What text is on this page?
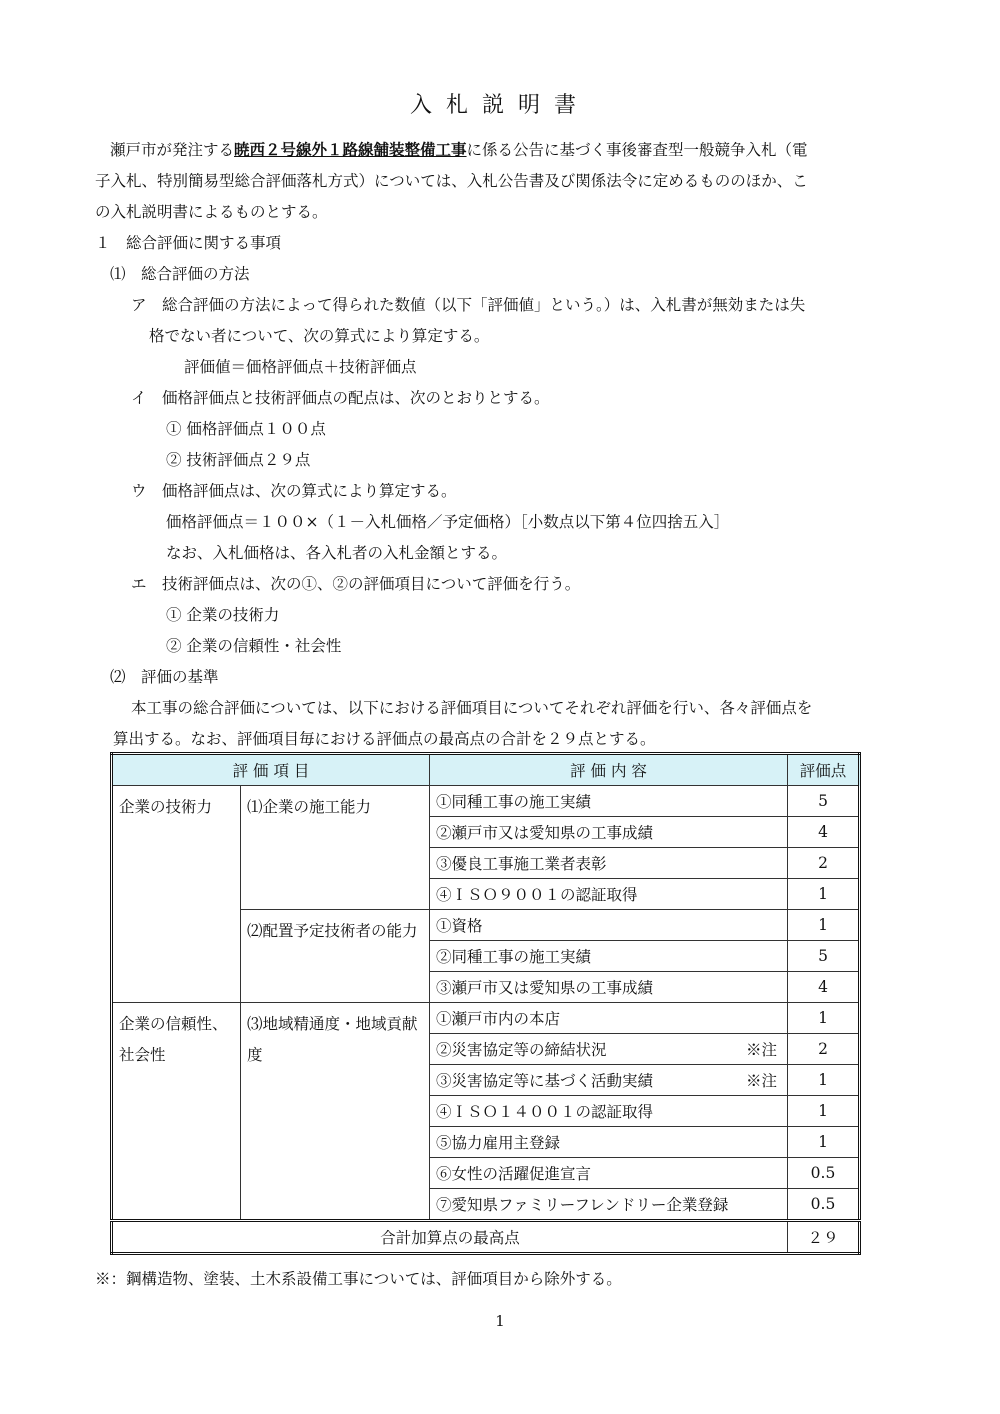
入札説明書
瀬戸市が発注する暁西２号線外１路線舗装整備工事に係る公告に基づく事後審査型一般競争入札（電
子入札、特別簡易型総合評価落札方式）については、入札公告書及び関係法令に定めるもののほか、こ
の入札説明書によるものとする。
１　総合評価に関する事項
⑴　総合評価の方法
ア　総合評価の方法によって得られた数値（以下「評価値」という。）は、入札書が無効または失
格でない者について、次の算式により算定する。
評価値＝価格評価点＋技術評価点
イ　価格評価点と技術評価点の配点は、次のとおりとする。
① 価格評価点１００点
② 技術評価点２９点
ウ　価格評価点は、次の算式により算定する。
価格評価点＝１００×（１－入札価格／予定価格）［小数点以下第４位四捨五入］
なお、入札価格は、各入札者の入札金額とする。
エ　技術評価点は、次の①、②の評価項目について評価を行う。
① 企業の技術力
② 企業の信頼性・社会性
⑵　評価の基準
本工事の総合評価については、以下における評価項目についてそれぞれ評価を行い、各々評価点を
算出する。なお、評価項目毎における評価点の最高点の合計を２９点とする。
評 価 項 目		評 価 内 容	評価点
企業の技術力	⑴企業の施工能力	①同種工事の施工実績	5
		②瀬戸市又は愛知県の工事成績	4
		③優良工事施工業者表彰	2
		④ＩＳＯ９００１の認証取得	1
	⑵配置予定技術者の能力	①資格	1
		②同種工事の施工実績	5
		③瀬戸市又は愛知県の工事成績	4
企業の信頼性、社会性	⑶地域精通度・地域貢献度	①瀬戸市内の本店	1
		②災害協定等の締結状況 ※注	2
		③災害協定等に基づく活動実績 ※注	1
		④ＩＳＯ１４００１の認証取得	1
		⑤協力雇用主登録	1
		⑥女性の活躍促進宣言	0.5
		⑦愛知県ファミリーフレンドリー企業登録	0.5
合計加算点の最高点			２９
※：鋼構造物、塗装、土木系設備工事については、評価項目から除外する。
1
